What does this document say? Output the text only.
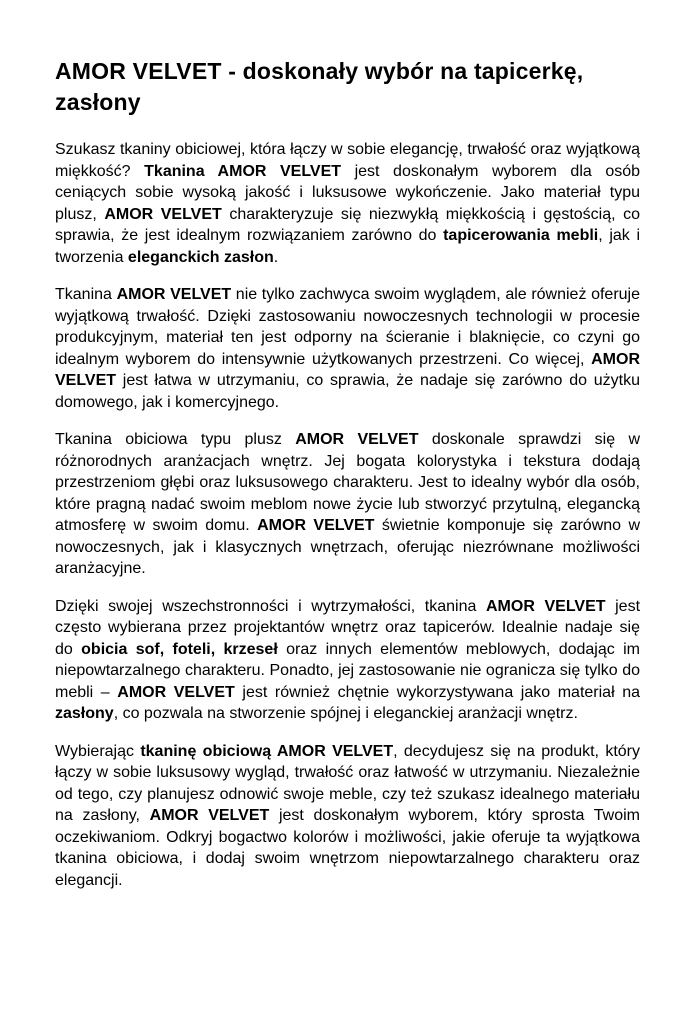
AMOR VELVET - doskonały wybór na tapicerkę, zasłony

Szukasz tkaniny obiciowej, która łączy w sobie elegancję, trwałość oraz wyjątkową miękkość? Tkanina AMOR VELVET jest doskonałym wyborem dla osób ceniących sobie wysoką jakość i luksusowe wykończenie. Jako materiał typu plusz, AMOR VELVET charakteryzuje się niezwykłą miękkością i gęstością, co sprawia, że jest idealnym rozwiązaniem zarówno do tapicerowania mebli, jak i tworzenia eleganckich zasłon.

Tkanina AMOR VELVET nie tylko zachwyca swoim wyglądem, ale również oferuje wyjątkową trwałość. Dzięki zastosowaniu nowoczesnych technologii w procesie produkcyjnym, materiał ten jest odporny na ścieranie i blaknięcie, co czyni go idealnym wyborem do intensywnie użytkowanych przestrzeni. Co więcej, AMOR VELVET jest łatwa w utrzymaniu, co sprawia, że nadaje się zarówno do użytku domowego, jak i komercyjnego.

Tkanina obiciowa typu plusz AMOR VELVET doskonale sprawdzi się w różnorodnych aranżacjach wnętrz. Jej bogata kolorystyka i tekstura dodają przestrzeniom głębi oraz luksusowego charakteru. Jest to idealny wybór dla osób, które pragną nadać swoim meblom nowe życie lub stworzyć przytulną, elegancką atmosferę w swoim domu. AMOR VELVET świetnie komponuje się zarówno w nowoczesnych, jak i klasycznych wnętrzach, oferując niezrównane możliwości aranżacyjne.

Dzięki swojej wszechstronności i wytrzymałości, tkanina AMOR VELVET jest często wybierana przez projektantów wnętrz oraz tapicerów. Idealnie nadaje się do obicia sof, foteli, krzeseł oraz innych elementów meblowych, dodając im niepowtarzalnego charakteru. Ponadto, jej zastosowanie nie ogranicza się tylko do mebli – AMOR VELVET jest również chętnie wykorzystywana jako materiał na zasłony, co pozwala na stworzenie spójnej i eleganckiej aranżacji wnętrz.

Wybierając tkaninę obiciową AMOR VELVET, decydujesz się na produkt, który łączy w sobie luksusowy wygląd, trwałość oraz łatwość w utrzymaniu. Niezależnie od tego, czy planujesz odnowić swoje meble, czy też szukasz idealnego materiału na zasłony, AMOR VELVET jest doskonałym wyborem, który sprosta Twoim oczekiwaniom. Odkryj bogactwo kolorów i możliwości, jakie oferuje ta wyjątkowa tkanina obiciowa, i dodaj swoim wnętrzom niepowtarzalnego charakteru oraz elegancji.
